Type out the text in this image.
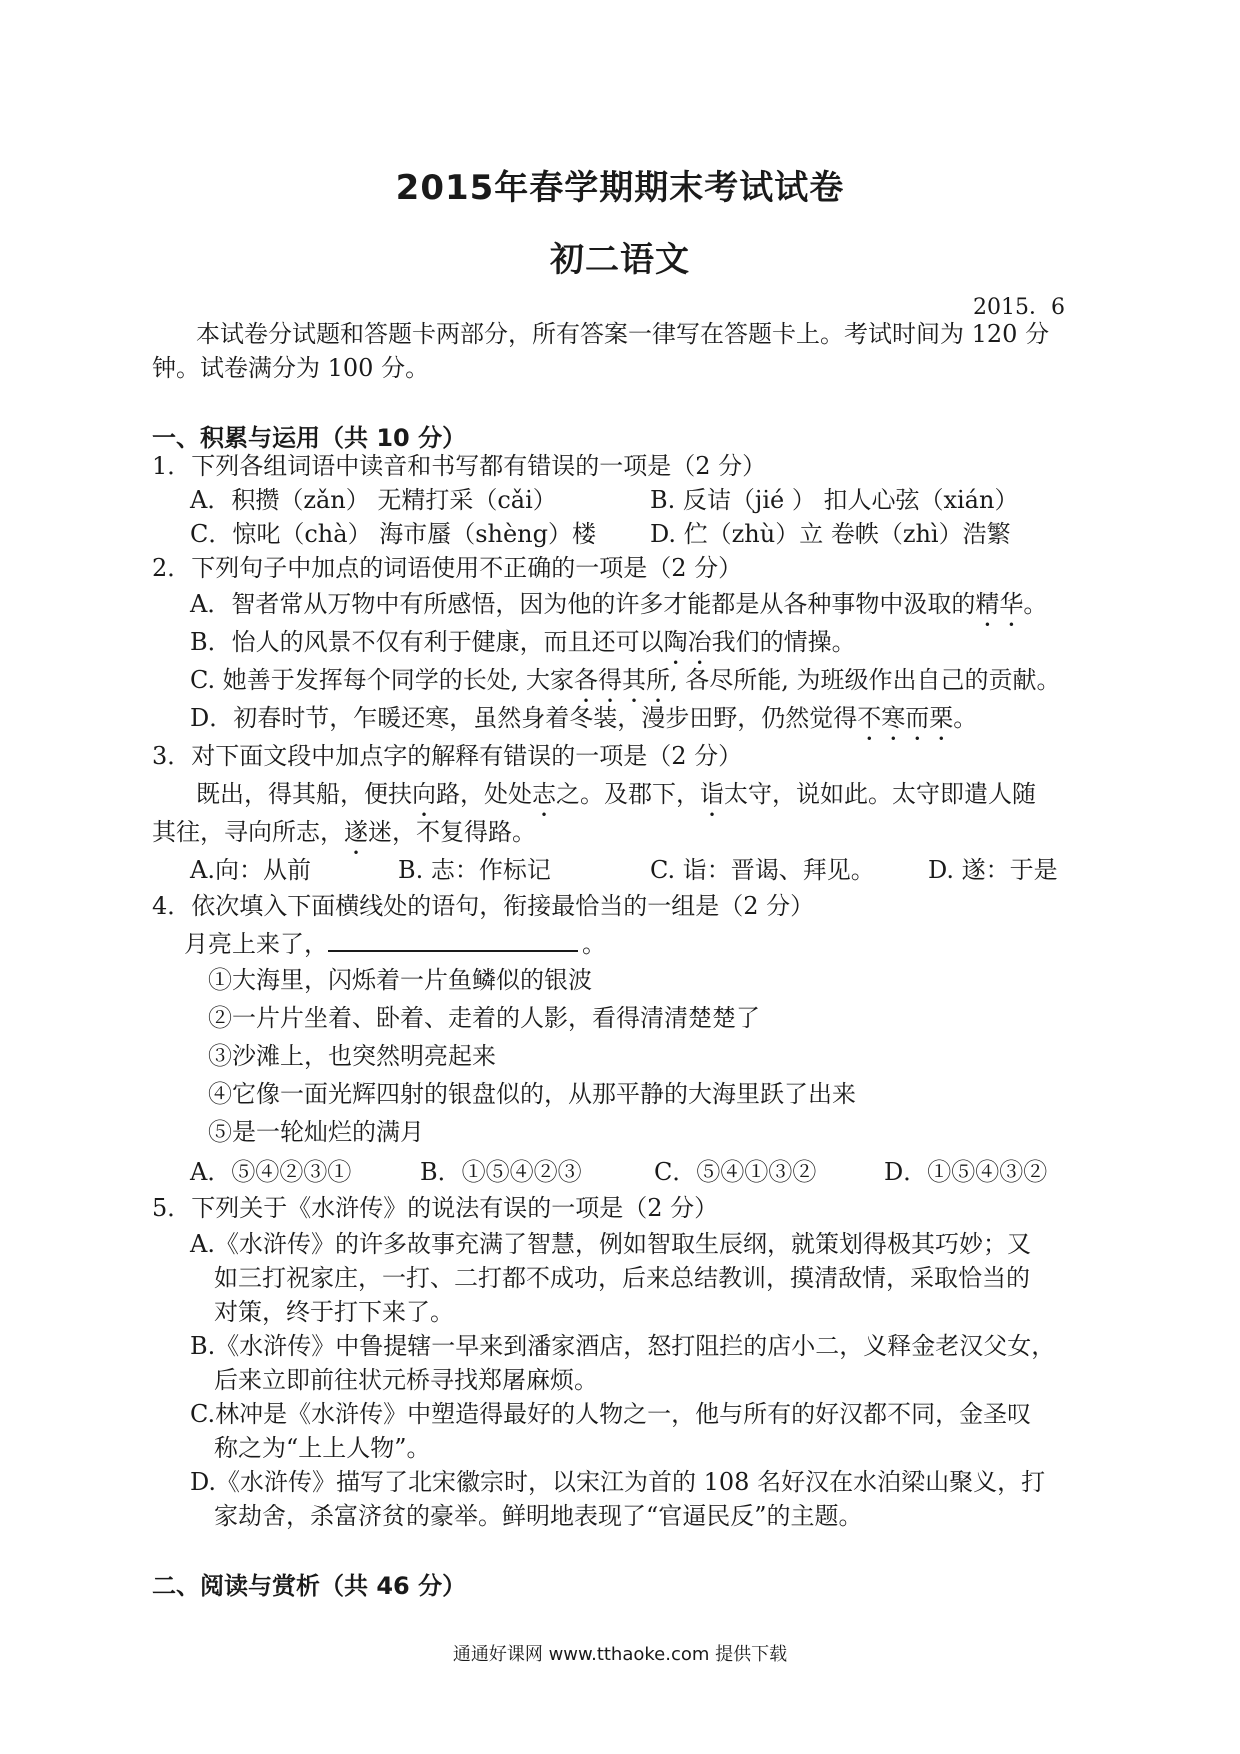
2015年春学期期末考试试卷
初二语文
2015．6
本试卷分试题和答题卡两部分，所有答案一律写在答题卡上。考试时间为 120 分
钟。试卷满分为 100 分。
一、积累与运用（共 10 分）
1．下列各组词语中读音和书写都有错误的一项是（2 分）
A．积攒（zǎn） 无精打采（cǎi）	B. 反诘（jié ） 扣人心弦（xián）
C．惊叱（chà） 海市蜃（shèng）楼 D. 伫（zhù）立 卷帙（zhì）浩繁
2．下列句子中加点的词语使用不正确的一项是（2 分）
A．智者常从万物中有所感悟，因为他的许多才能都是从各种事物中汲取的精华。
B．怡人的风景不仅有利于健康，而且还可以陶冶我们的情操。
C. 她善于发挥每个同学的长处, 大家各得其所, 各尽所能, 为班级作出自己的贡献。
D．初春时节，乍暖还寒，虽然身着冬装，漫步田野，仍然觉得不寒而栗。
3．对下面文段中加点字的解释有错误的一项是（2 分）
既出，得其船，便扶向路，处处志之。及郡下，诣太守，说如此。太守即遣人随
其往，寻向所志，遂迷，不复得路。
A.向：从前	B. 志：作标记	C. 诣：晋谒、拜见。 D. 遂：于是
4．依次填入下面横线处的语句，衔接最恰当的一组是（2 分）
月亮上来了，	。
①大海里，闪烁着一片鱼鳞似的银波
②一片片坐着、卧着、走着的人影，看得清清楚楚了
③沙滩上，也突然明亮起来
④它像一面光辉四射的银盘似的，从那平静的大海里跃了出来
⑤是一轮灿烂的满月
A．⑤④②③①	B．①⑤④②③	C．⑤④①③②	D．①⑤④③②
5．下列关于《水浒传》的说法有误的一项是（2 分）
A.《水浒传》的许多故事充满了智慧，例如智取生辰纲，就策划得极其巧妙；又
如三打祝家庄，一打、二打都不成功，后来总结教训，摸清敌情，采取恰当的
对策，终于打下来了。
B.《水浒传》中鲁提辖一早来到潘家酒店，怒打阻拦的店小二，义释金老汉父女，
后来立即前往状元桥寻找郑屠麻烦。
C.林冲是《水浒传》中塑造得最好的人物之一，他与所有的好汉都不同，金圣叹
称之为“上上人物”。
D.《水浒传》描写了北宋徽宗时，以宋江为首的 108 名好汉在水泊梁山聚义，打
家劫舍，杀富济贫的豪举。鲜明地表现了“官逼民反”的主题。
二、阅读与赏析（共 46 分）
通通好课网 www.tthaoke.com 提供下载
